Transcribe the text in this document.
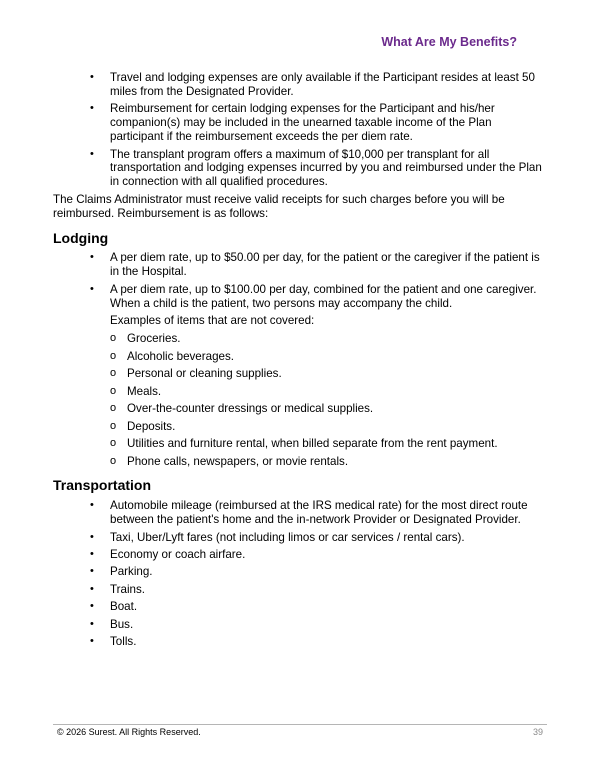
What Are My Benefits?
• Travel and lodging expenses are only available if the Participant resides at least 50 miles from the Designated Provider.
• Reimbursement for certain lodging expenses for the Participant and his/her companion(s) may be included in the unearned taxable income of the Plan participant if the reimbursement exceeds the per diem rate.
• The transplant program offers a maximum of $10,000 per transplant for all transportation and lodging expenses incurred by you and reimbursed under the Plan in connection with all qualified procedures.

The Claims Administrator must receive valid receipts for such charges before you will be reimbursed. Reimbursement is as follows:

Lodging
• A per diem rate, up to $50.00 per day, for the patient or the caregiver if the patient is in the Hospital.
• A per diem rate, up to $100.00 per day, combined for the patient and one caregiver. When a child is the patient, two persons may accompany the child.
Examples of items that are not covered:
o Groceries.
o Alcoholic beverages.
o Personal or cleaning supplies.
o Meals.
o Over-the-counter dressings or medical supplies.
o Deposits.
o Utilities and furniture rental, when billed separate from the rent payment.
o Phone calls, newspapers, or movie rentals.
Transportation
• Automobile mileage (reimbursed at the IRS medical rate) for the most direct route between the patient's home and the in-network Provider or Designated Provider.
• Taxi, Uber/Lyft fares (not including limos or car services / rental cars).
• Economy or coach airfare.
• Parking.
• Trains.
• Boat.
• Bus.
• Tolls.
© 2026 Surest. All Rights Reserved.	39
